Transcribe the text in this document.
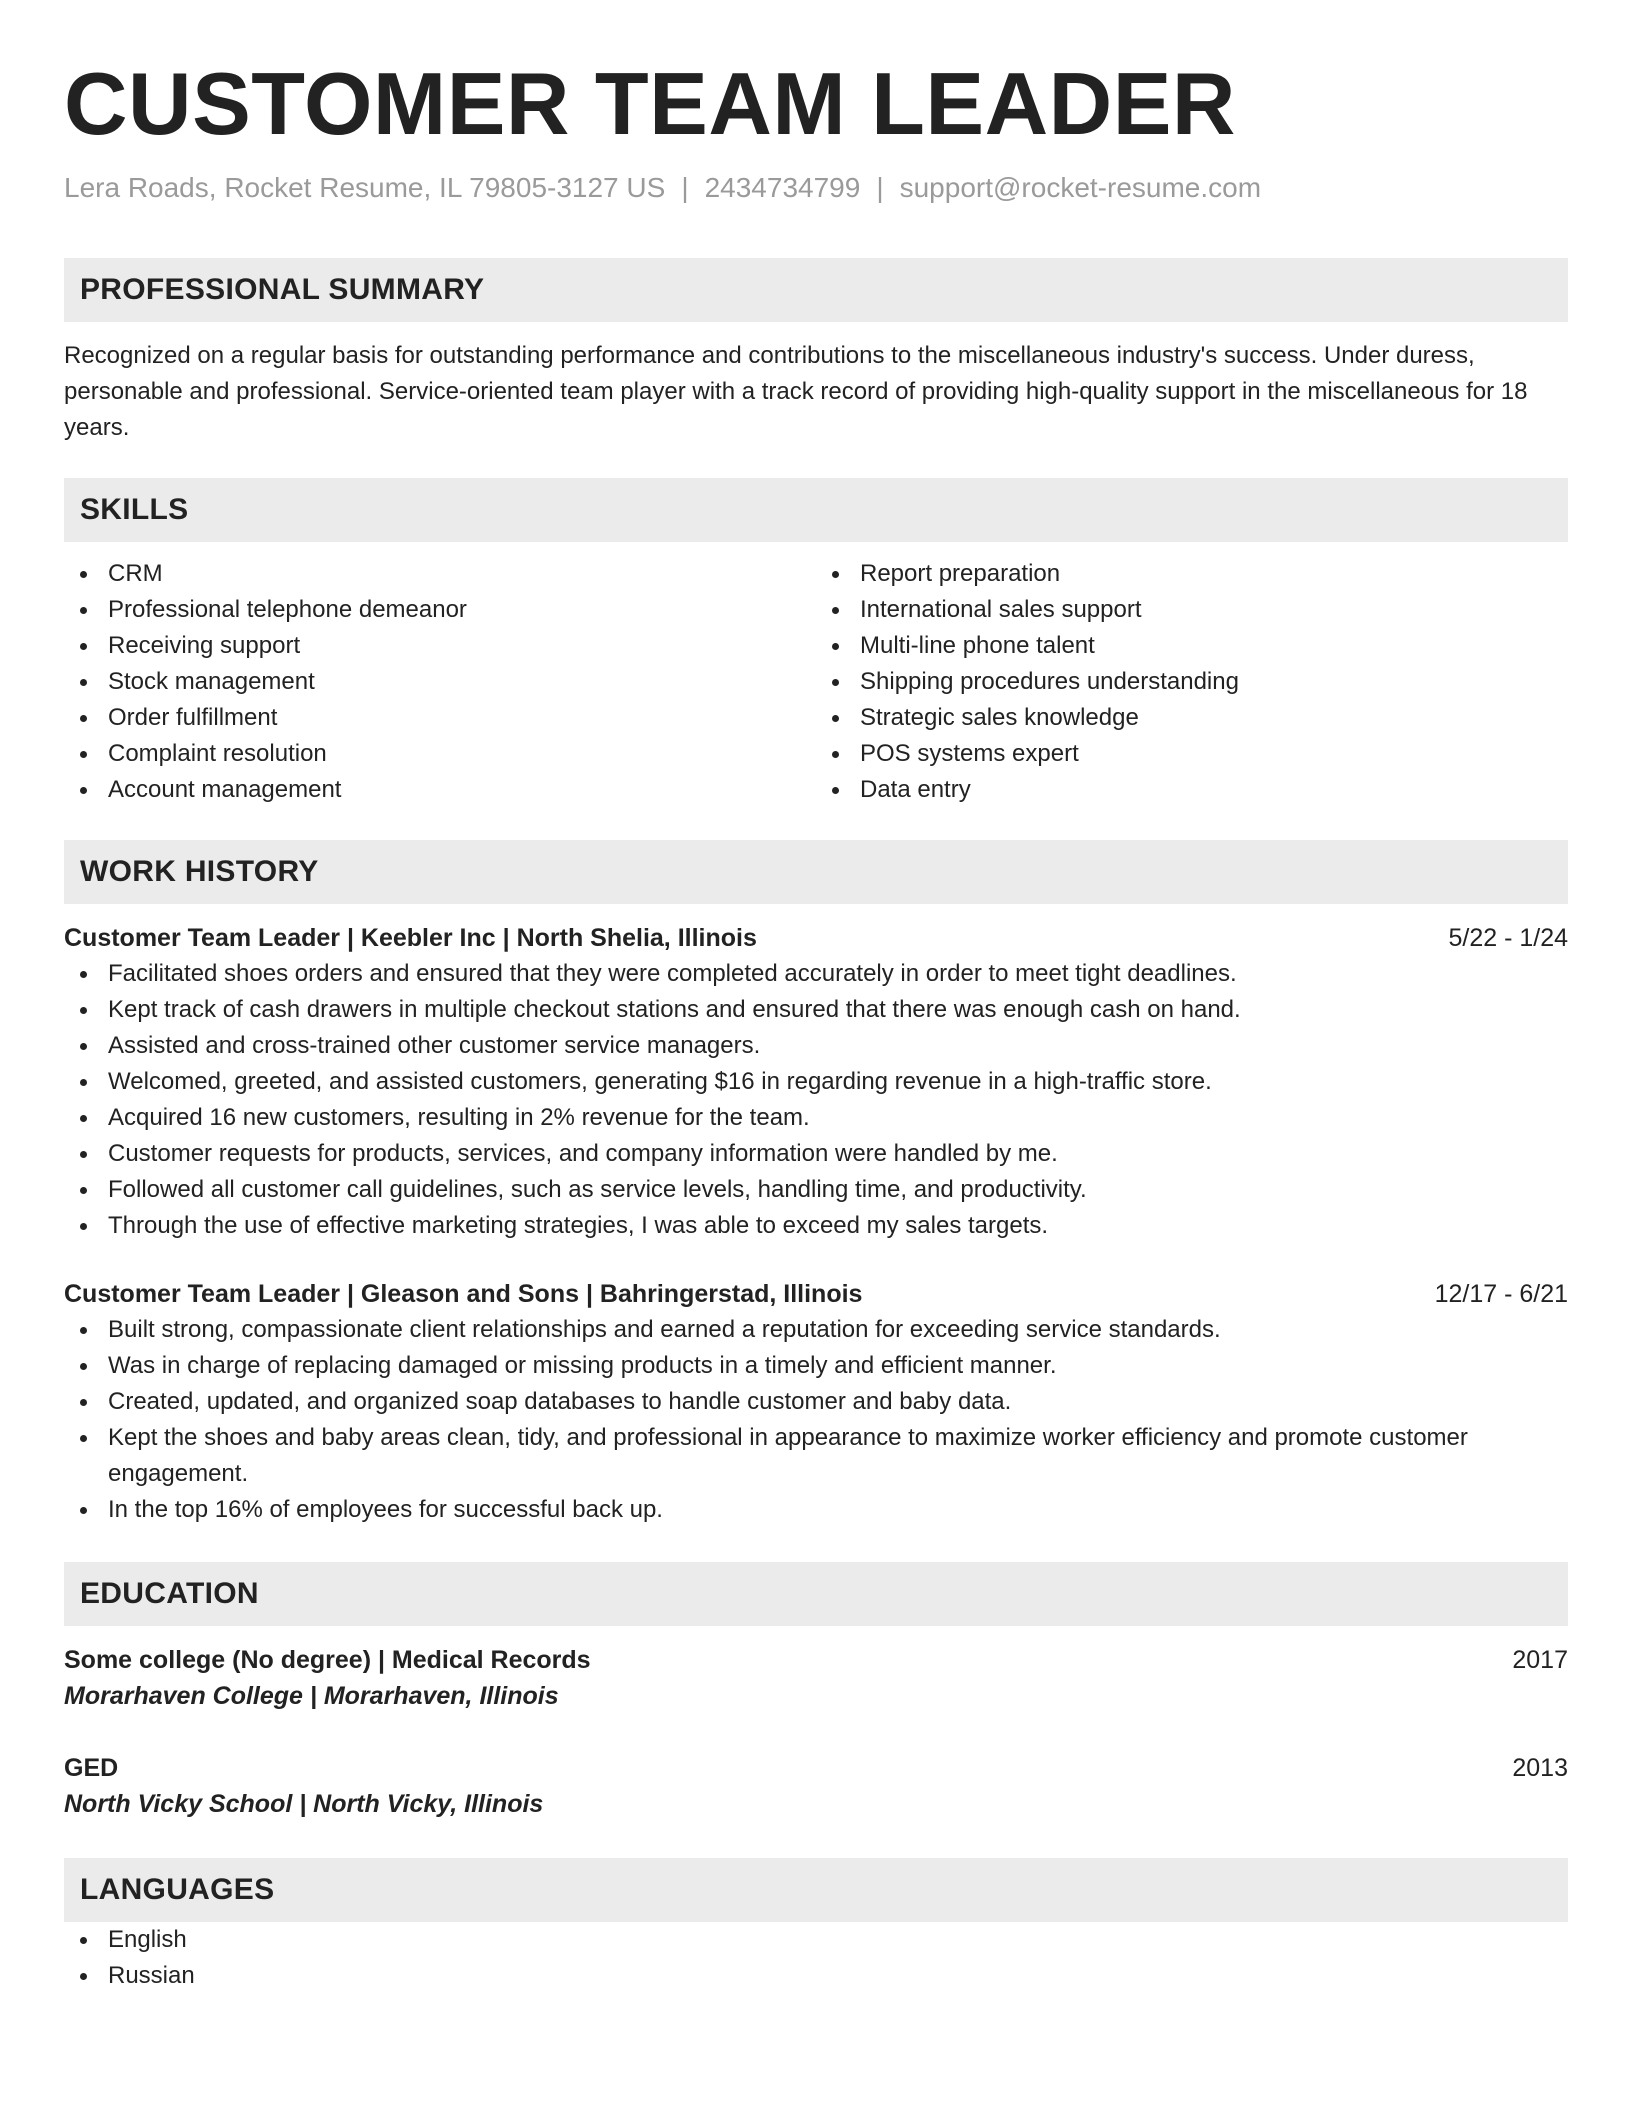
CUSTOMER TEAM LEADER
Lera Roads, Rocket Resume, IL 79805-3127 US | 2434734799 | support@rocket-resume.com
PROFESSIONAL SUMMARY
Recognized on a regular basis for outstanding performance and contributions to the miscellaneous industry's success. Under duress, personable and professional. Service-oriented team player with a track record of providing high-quality support in the miscellaneous for 18 years.
SKILLS
CRM
Professional telephone demeanor
Receiving support
Stock management
Order fulfillment
Complaint resolution
Account management
Report preparation
International sales support
Multi-line phone talent
Shipping procedures understanding
Strategic sales knowledge
POS systems expert
Data entry
WORK HISTORY
Customer Team Leader | Keebler Inc | North Shelia, Illinois	5/22 - 1/24
Facilitated shoes orders and ensured that they were completed accurately in order to meet tight deadlines.
Kept track of cash drawers in multiple checkout stations and ensured that there was enough cash on hand.
Assisted and cross-trained other customer service managers.
Welcomed, greeted, and assisted customers, generating $16 in regarding revenue in a high-traffic store.
Acquired 16 new customers, resulting in 2% revenue for the team.
Customer requests for products, services, and company information were handled by me.
Followed all customer call guidelines, such as service levels, handling time, and productivity.
Through the use of effective marketing strategies, I was able to exceed my sales targets.
Customer Team Leader | Gleason and Sons | Bahringerstad, Illinois	12/17 - 6/21
Built strong, compassionate client relationships and earned a reputation for exceeding service standards.
Was in charge of replacing damaged or missing products in a timely and efficient manner.
Created, updated, and organized soap databases to handle customer and baby data.
Kept the shoes and baby areas clean, tidy, and professional in appearance to maximize worker efficiency and promote customer engagement.
In the top 16% of employees for successful back up.
EDUCATION
Some college (No degree) | Medical Records	2017
Morarhaven College | Morarhaven, Illinois
GED	2013
North Vicky School | North Vicky, Illinois
LANGUAGES
English
Russian
